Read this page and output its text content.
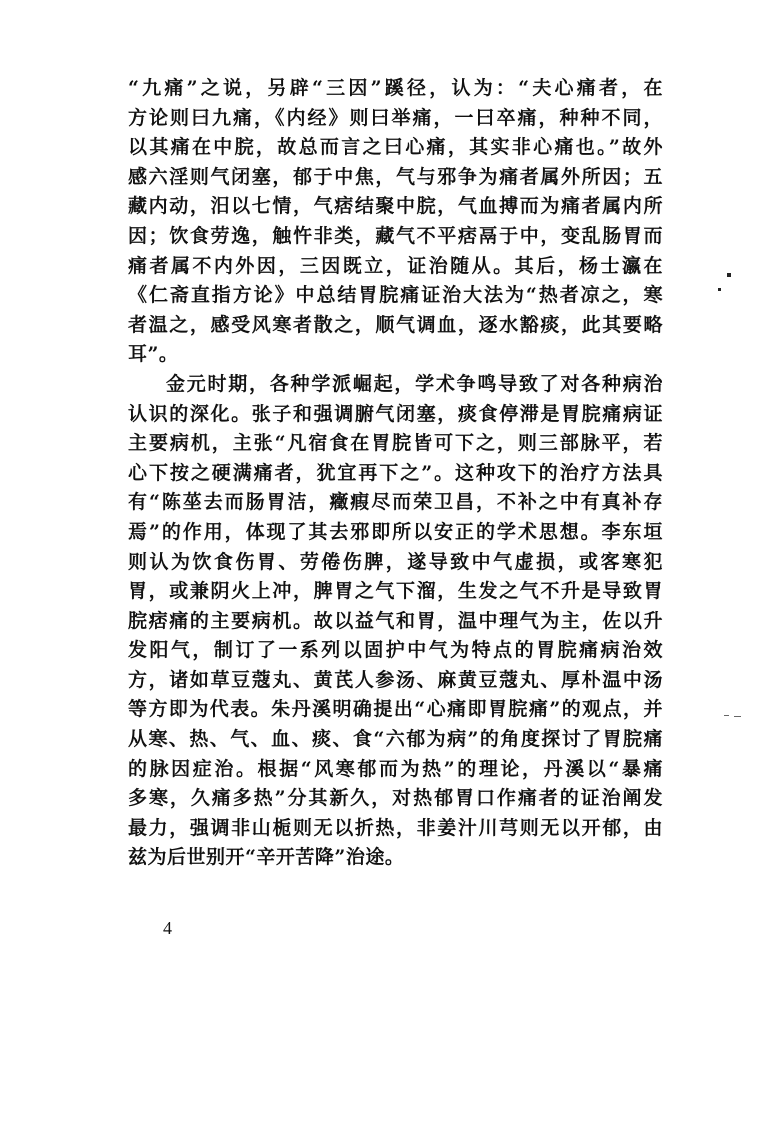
“九痛”之说，另辟“三因”蹊径，认为：“夫心痛者，在
方论则曰九痛，《内经》则曰举痛，一曰卒痛，种种不同，
以其痛在中脘，故总而言之曰心痛，其实非心痛也。”故外
感六淫则气闭塞，郁于中焦，气与邪争为痛者属外所因；五
藏内动，汨以七情，气痞结聚中脘，气血搏而为痛者属内所
因；饮食劳逸，触忤非类，藏气不平痞鬲于中，变乱肠胃而
痛者属不内外因，三因既立，证治随从。其后，杨士瀛在
《仁斋直指方论》中总结胃脘痛证治大法为“热者凉之，寒
者温之，感受风寒者散之，顺气调血，逐水豁痰，此其要略
耳”。
金元时期，各种学派崛起，学术争鸣导致了对各种病治
认识的深化。张子和强调腑气闭塞，痰食停滞是胃脘痛病证
主要病机，主张“凡宿食在胃脘皆可下之，则三部脉平，若
心下按之硬满痛者，犹宜再下之”。这种攻下的治疗方法具
有“陈莝去而肠胃洁，癥瘕尽而荣卫昌，不补之中有真补存
焉”的作用，体现了其去邪即所以安正的学术思想。李东垣
则认为饮食伤胃、劳倦伤脾，遂导致中气虚损，或客寒犯
胃，或兼阴火上冲，脾胃之气下溜，生发之气不升是导致胃
脘痞痛的主要病机。故以益气和胃，温中理气为主，佐以升
发阳气，制订了一系列以固护中气为特点的胃脘痛病治效
方，诸如草豆蔻丸、黄芪人参汤、麻黄豆蔻丸、厚朴温中汤
等方即为代表。朱丹溪明确提出“心痛即胃脘痛”的观点，并
从寒、热、气、血、痰、食“六郁为病”的角度探讨了胃脘痛
的脉因症治。根据“风寒郁而为热”的理论，丹溪以“暴痛
多寒，久痛多热”分其新久，对热郁胃口作痛者的证治阐发
最力，强调非山栀则无以折热，非姜汁川芎则无以开郁，由
兹为后世别开“辛开苦降”治途。
4
